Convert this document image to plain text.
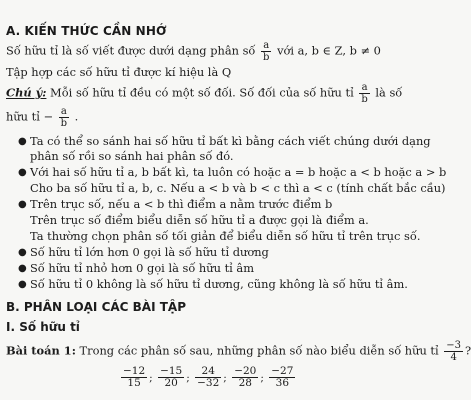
A. KIẾN THỨC CẦN NHỚ
Số hữu tỉ là số viết được dưới dạng phân số $\frac{a}{b}$ với a, b ∈ Z, b ≠ 0
Tập hợp các số hữu tỉ được kí hiệu là Q
Chú ý: Mỗi số hữu tỉ đều có một số đối. Số đối của số hữu tỉ $\frac{a}{b}$ là số
hữu tỉ − $\frac{a}{b}$ .
● Ta có thể so sánh hai số hữu tỉ bất kì bằng cách viết chúng dưới dạng
phân số rồi so sánh hai phân số đó.
● Với hai số hữu tỉ a, b bất kì, ta luôn có hoặc a = b hoặc a < b hoặc a > b
Cho ba số hữu tỉ a, b, c. Nếu a < b và b < c thì a < c (tính chất bắc cầu)
● Trên trục số, nếu a < b thì điểm a nằm trước điểm b
Trên trục số điểm biểu diễn số hữu tỉ a được gọi là điểm a.
Ta thường chọn phân số tối giản để biểu diễn số hữu tỉ trên trục số.
● Số hữu tỉ lớn hơn 0 gọi là số hữu tỉ dương
● Số hữu tỉ nhỏ hơn 0 gọi là số hữu tỉ âm
● Số hữu tỉ 0 không là số hữu tỉ dương, cũng không là số hữu tỉ âm.
B. PHÂN LOẠI CÁC BÀI TẬP
I. Số hữu tỉ
Bài toán 1: Trong các phân số sau, những phân số nào biểu diễn số hữu tỉ $\frac{-3}{4}$ ?
$\frac{-12}{15}$ ; $\frac{-15}{20}$ ; $\frac{24}{-32}$ ; $\frac{-20}{28}$ ; $\frac{-27}{36}$
